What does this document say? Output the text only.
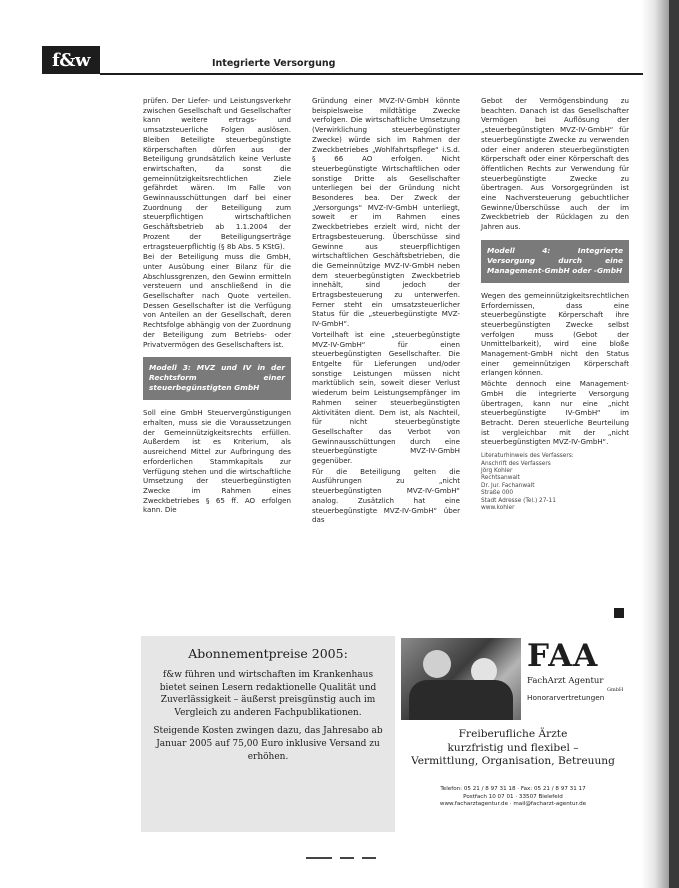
f&w	Integrierte Versorgung

prüfen. Der Liefer- und Leistungsverkehr zwischen Gesellschaft und Gesellschafter kann weitere ertrags- und umsatzsteuerliche Folgen auslösen. Bleiben Beteiligte steuerbegünstigte Körperschaften dürfen aus der Beteiligung grundsätzlich keine Verluste erwirtschaften, da sonst die gemeinnützigkeitsrechtlichen Ziele gefährdet wären. Im Falle von Gewinnausschüttungen darf bei einer Zuordnung der Beteiligung zum steuerpflichtigen wirtschaftlichen Geschäftsbetrieb ab 1.1.2004 der Prozent der Beteiligungserträge ertragsteuerpflichtig (§ 8b Abs. 5 KStG).

Bei der Beteiligung muss die GmbH, unter Ausübung einer Bilanz für die Abschlussgrenzen, den Gewinn ermitteln versteuern und anschließend in die Gesellschafter nach Quote verteilen. Dessen Gesellschafter ist die Verfügung von Anteilen an der Gesellschaft, deren Rechtsfolge abhängig von der Zuordnung der Beteiligung zum Betriebs- oder Privatvermögen des Gesellschafters ist.

Modell 3: MVZ und IV in der Rechtsform einer steuerbegünstigten GmbH

Soll eine GmbH Steuervergünstigungen erhalten, muss sie die Voraussetzungen der Gemeinnützigkeitsrechts erfüllen. Außerdem ist es Kriterium, als ausreichend Mittel zur Aufbringung des erforderlichen Stammkapitals zur Verfügung stehen und die wirtschaftliche Umsetzung der steuerbegünstigten Zwecke im Rahmen eines Zweckbetriebes § 65 ff. AO erfolgen kann. Die

Gründung einer MVZ-IV-GmbH könnte beispielsweise mildtätige Zwecke verfolgen. Die wirtschaftliche Umsetzung (Verwirklichung steuerbegünstigter Zwecke) würde sich im Rahmen der Zweckbetriebes „Wohlfahrtspflege“ i.S.d. § 66 AO erfolgen. Nicht steuerbegünstigte Wirtschaftlichen oder sonstige Dritte als Gesellschafter unterliegen bei der Gründung nicht Besonderes bea. Der Zweck der „Versorgungs“ MVZ-IV-GmbH unterliegt, soweit er im Rahmen eines Zweckbetriebes erzielt wird, nicht der Ertragsbesteuerung. Überschüsse sind Gewinne aus steuerpflichtigen wirtschaftlichen Geschäftsbetrieben, die die Gemeinnützige MVZ-IV-GmbH neben dem steuerbegünstigten Zweckbetrieb innehält, sind jedoch der Ertragsbesteuerung zu unterwerfen. Ferner steht ein umsatzsteuerlicher Status für die „steuerbegünstigte MVZ-IV-GmbH“.

Vorteilhaft ist eine „steuerbegünstigte MVZ-IV-GmbH“ für einen steuerbegünstigten Gesellschafter. Die Entgelte für Lieferungen und/oder sonstige Leistungen müssen nicht marktüblich sein, soweit dieser Verlust wiederum beim Leistungsempfänger im Rahmen seiner steuerbegünstigten Aktivitäten dient. Dem ist, als Nachteil, für nicht steuerbegünstigte Gesellschafter das Verbot von Gewinnausschüttungen durch eine steuerbegünstigte MVZ-IV-GmbH gegenüber.

Für die Beteiligung gelten die Ausführungen zu „nicht steuerbegünstigten MVZ-IV-GmbH“ analog. Zusätzlich hat eine steuerbegünstigte MVZ-IV-GmbH“ über das

Gebot der Vermögensbindung zu beachten. Danach ist das Gesellschafter Vermögen bei Auflösung der „steuerbegünstigten MVZ-IV-GmbH“ für steuerbegünstigte Zwecke zu verwenden oder einer anderen steuerbegünstigten Körperschaft oder einer Körperschaft des öffentlichen Rechts zur Verwendung für steuerbegünstigte Zwecke zu übertragen. Aus Vorsorgegründen ist eine Nachversteuerung gebuchtlicher Gewinne/Überschüsse auch der im Zweckbetrieb der Rücklagen zu den Jahren aus.

Modell 4: Integrierte Versorgung durch eine Management-GmbH oder -GmbH

Wegen des gemeinnützigkeitsrechtlichen Erfordernissen, dass eine steuerbegünstigte Körperschaft ihre steuerbegünstigten Zwecke selbst verfolgen muss (Gebot der Unmittelbarkeit), wird eine bloße Management-GmbH nicht den Status einer gemeinnützigen Körperschaft erlangen können.

Möchte dennoch eine Management-GmbH die integrierte Versorgung übertragen, kann nur eine „nicht steuerbegünstigte IV-GmbH“ im Betracht. Deren steuerliche Beurteilung ist vergleichbar mit der „nicht steuerbegünstigten MVZ-IV-GmbH“.

Literaturhinweis des Verfassers:
Anschrift des Verfassers
Jörg Kohler
Rechtsanwalt
Dr. Jur. Fachanwalt
Straße 000
Stadt Adresse (Tel.) 27-11
www.kohler
Abonnementpreise 2005:
f&w führen und wirtschaften im Krankenhaus bietet seinen Lesern redaktionelle Qualität und Zuverlässigkeit – äußerst preisgünstig auch im Vergleich zu anderen Fachpublikationen.
Steigende Kosten zwingen dazu, das Jahresabo ab Januar 2005 auf 75,00 Euro inklusive Versand zu erhöhen.
FAA
FachArzt Agentur
GmbH
Honorarvertretungen
Freiberufliche Ärzte
kurzfristig und flexibel –
Vermittlung, Organisation, Betreuung
Telefon: 05 21 / 8 97 31 18 · Fax: 05 21 / 8 97 31 17
Postfach 10 07 01 · 33507 Bielefeld
www.facharztagentur.de · mail@facharzt-agentur.de
